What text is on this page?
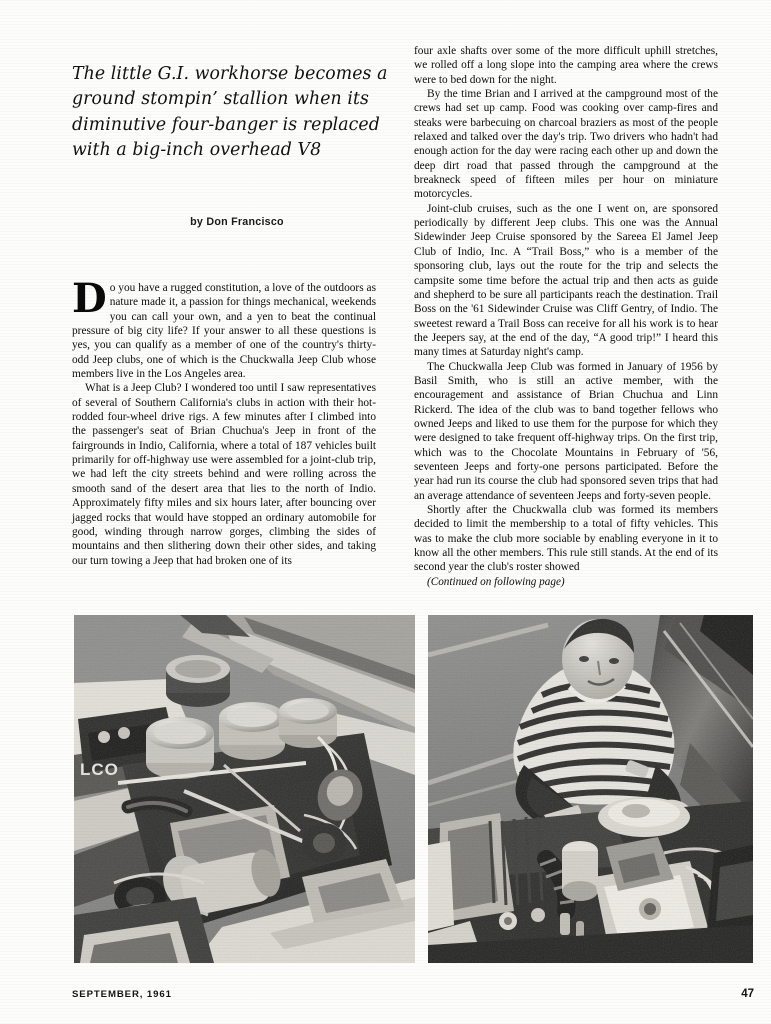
The little G.I. workhorse becomes a
ground stompin’ stallion when its
diminutive four-banger is replaced
with a big-inch overhead V8
by Don Francisco

Do you have a rugged constitution, a love of the outdoors as nature made it, a passion for things mechanical, weekends you can call your own, and a yen to beat the continual pressure of big city life? If your answer to all these questions is yes, you can qualify as a member of one of the country's thirty-odd Jeep clubs, one of which is the Chuckwalla Jeep Club whose members live in the Los Angeles area.

What is a Jeep Club? I wondered too until I saw representatives of several of Southern California's clubs in action with their hot-rodded four-wheel drive rigs. A few minutes after I climbed into the passenger's seat of Brian Chuchua's Jeep in front of the fairgrounds in Indio, California, where a total of 187 vehicles built primarily for off-highway use were assembled for a joint-club trip, we had left the city streets behind and were rolling across the smooth sand of the desert area that lies to the north of Indio. Approximately fifty miles and six hours later, after bouncing over jagged rocks that would have stopped an ordinary automobile for good, winding through narrow gorges, climbing the sides of mountains and then slithering down their other sides, and taking our turn towing a Jeep that had broken one of its

four axle shafts over some of the more difficult uphill stretches, we rolled off a long slope into the camping area where the crews were to bed down for the night.

By the time Brian and I arrived at the campground most of the crews had set up camp. Food was cooking over camp-fires and steaks were barbecuing on charcoal braziers as most of the people relaxed and talked over the day's trip. Two drivers who hadn't had enough action for the day were racing each other up and down the deep dirt road that passed through the campground at the breakneck speed of fifteen miles per hour on miniature motorcycles.

Joint-club cruises, such as the one I went on, are sponsored periodically by different Jeep clubs. This one was the Annual Sidewinder Jeep Cruise sponsored by the Sareea El Jamel Jeep Club of Indio, Inc. A “Trail Boss,” who is a member of the sponsoring club, lays out the route for the trip and selects the campsite some time before the actual trip and then acts as guide and shepherd to be sure all participants reach the destination. Trail Boss on the '61 Sidewinder Cruise was Cliff Gentry, of Indio. The sweetest reward a Trail Boss can receive for all his work is to hear the Jeepers say, at the end of the day, “A good trip!” I heard this many times at Saturday night's camp.

The Chuckwalla Jeep Club was formed in January of 1956 by Basil Smith, who is still an active member, with the encouragement and assistance of Brian Chuchua and Linn Rickerd. The idea of the club was to band together fellows who owned Jeeps and liked to use them for the purpose for which they were designed to take frequent off-highway trips. On the first trip, which was to the Chocolate Mountains in February of '56, seventeen Jeeps and forty-one persons participated. Before the year had run its course the club had sponsored seven trips that had an average attendance of seventeen Jeeps and forty-seven people.

Shortly after the Chuckwalla club was formed its members decided to limit the membership to a total of fifty vehicles. This was to make the club more sociable by enabling everyone in it to know all the other members. This rule still stands. At the end of its second year the club's roster showed

(Continued on following page)

LCO
SEPTEMBER, 1961	47
